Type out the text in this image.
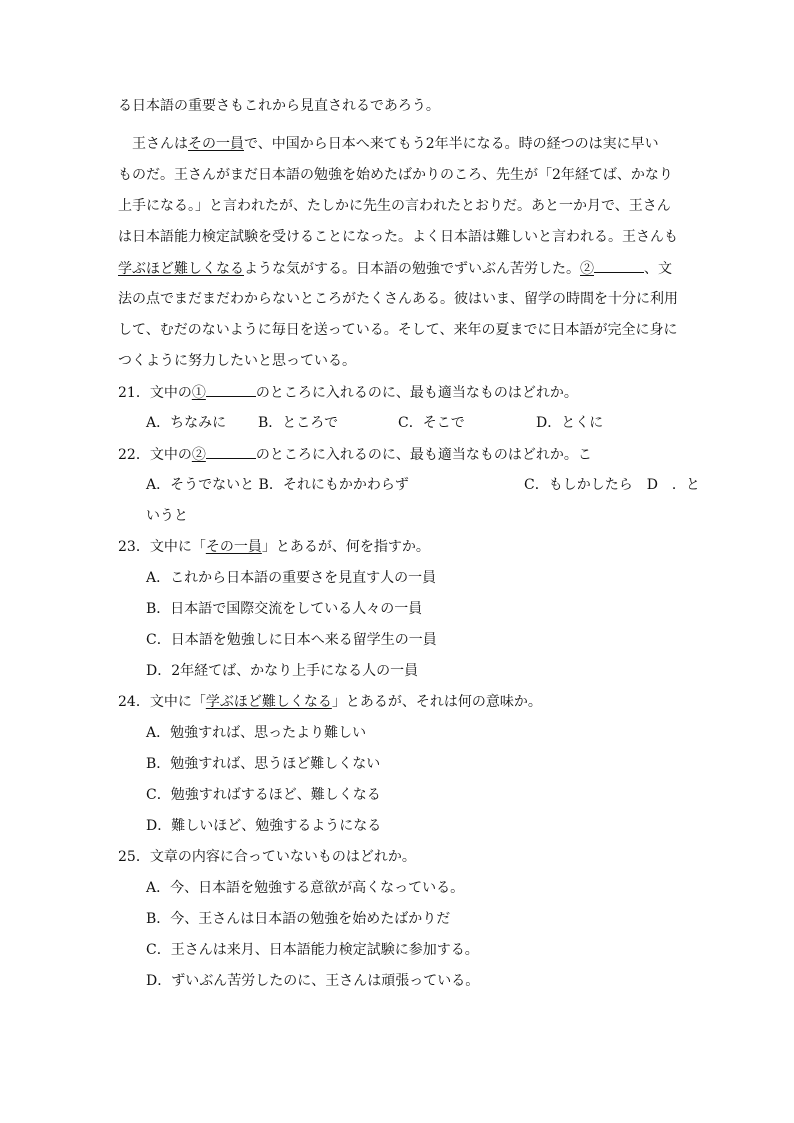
る日本語の重要さもこれから見直されるであろう。
　王さんはその一員で、中国から日本へ来てもう2年半になる。時の経つのは実に早い
ものだ。王さんがまだ日本語の勉強を始めたばかりのころ、先生が「2年経てば、かなり
上手になる。」と言われたが、たしかに先生の言われたとおりだ。あと一か月で、王さん
は日本語能力検定試験を受けることになった。よく日本語は難しいと言われる。王さんも
学ぶほど難しくなるような気がする。日本語の勉強でずいぶん苦労した。②	、文
法の点でまだまだわからないところがたくさんある。彼はいま、留学の時間を十分に利用
して、むだのないように毎日を送っている。そして、来年の夏までに日本語が完全に身に
つくように努力したいと思っている。
21．文中の①	のところに入れるのに、最も適当なものはどれか。
A．ちなみに B．ところで	C．そこで	D．とくに
22．文中の②	のところに入れるのに、最も適当なものはどれか。こ
A．そうでないと B．それにもかかわらず	C．もしかしたら　D　．と
いうと
23．文中に「その一員」とあるが、何を指すか。
A．これから日本語の重要さを見直す人の一員
B．日本語で国際交流をしている人々の一員
C．日本語を勉強しに日本へ来る留学生の一員
D．2年経てば、かなり上手になる人の一員
24．文中に「学ぶほど難しくなる」とあるが、それは何の意味か。
A．勉強すれば、思ったより難しい
B．勉強すれば、思うほど難しくない
C．勉強すればするほど、難しくなる
D．難しいほど、勉強するようになる
25．文章の内容に合っていないものはどれか。
A．今、日本語を勉強する意欲が高くなっている。
B．今、王さんは日本語の勉強を始めたばかりだ
C．王さんは来月、日本語能力検定試験に参加する。
D．ずいぶん苦労したのに、王さんは頑張っている。
